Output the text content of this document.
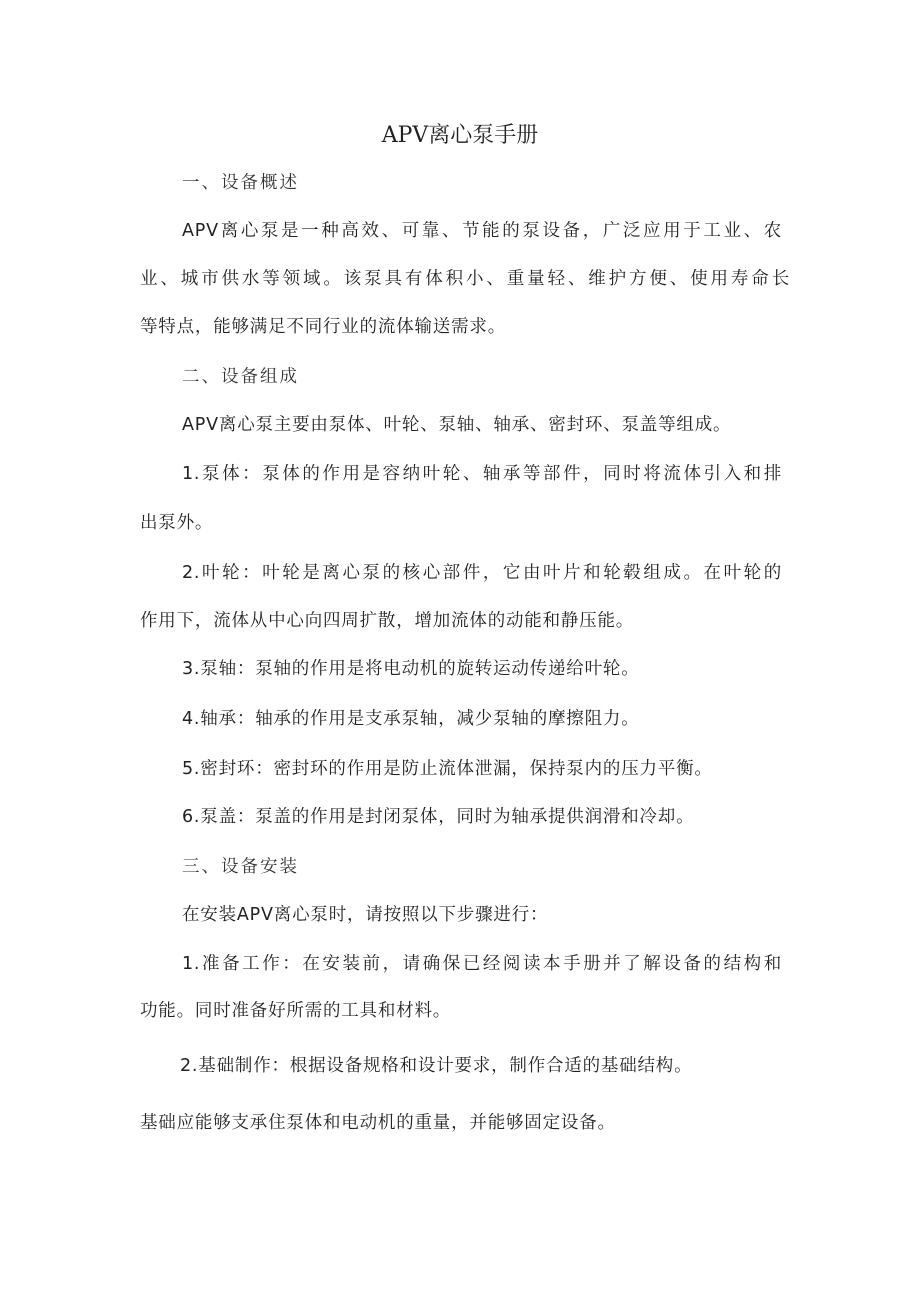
APV离心泵手册
一、设备概述
APV离心泵是一种高效、可靠、节能的泵设备，广泛应用于工业、农
业、城市供水等领域。该泵具有体积小、重量轻、维护方便、使用寿命长
等特点，能够满足不同行业的流体输送需求。
二、设备组成
APV离心泵主要由泵体、叶轮、泵轴、轴承、密封环、泵盖等组成。
1.泵体：泵体的作用是容纳叶轮、轴承等部件，同时将流体引入和排
出泵外。
2.叶轮：叶轮是离心泵的核心部件，它由叶片和轮毂组成。在叶轮的
作用下，流体从中心向四周扩散，增加流体的动能和静压能。
3.泵轴：泵轴的作用是将电动机的旋转运动传递给叶轮。
4.轴承：轴承的作用是支承泵轴，减少泵轴的摩擦阻力。
5.密封环：密封环的作用是防止流体泄漏，保持泵内的压力平衡。
6.泵盖：泵盖的作用是封闭泵体，同时为轴承提供润滑和冷却。
三、设备安装
在安装APV离心泵时，请按照以下步骤进行：
1.准备工作：在安装前，请确保已经阅读本手册并了解设备的结构和
功能。同时准备好所需的工具和材料。
2.基础制作：根据设备规格和设计要求，制作合适的基础结构。
基础应能够支承住泵体和电动机的重量，并能够固定设备。
